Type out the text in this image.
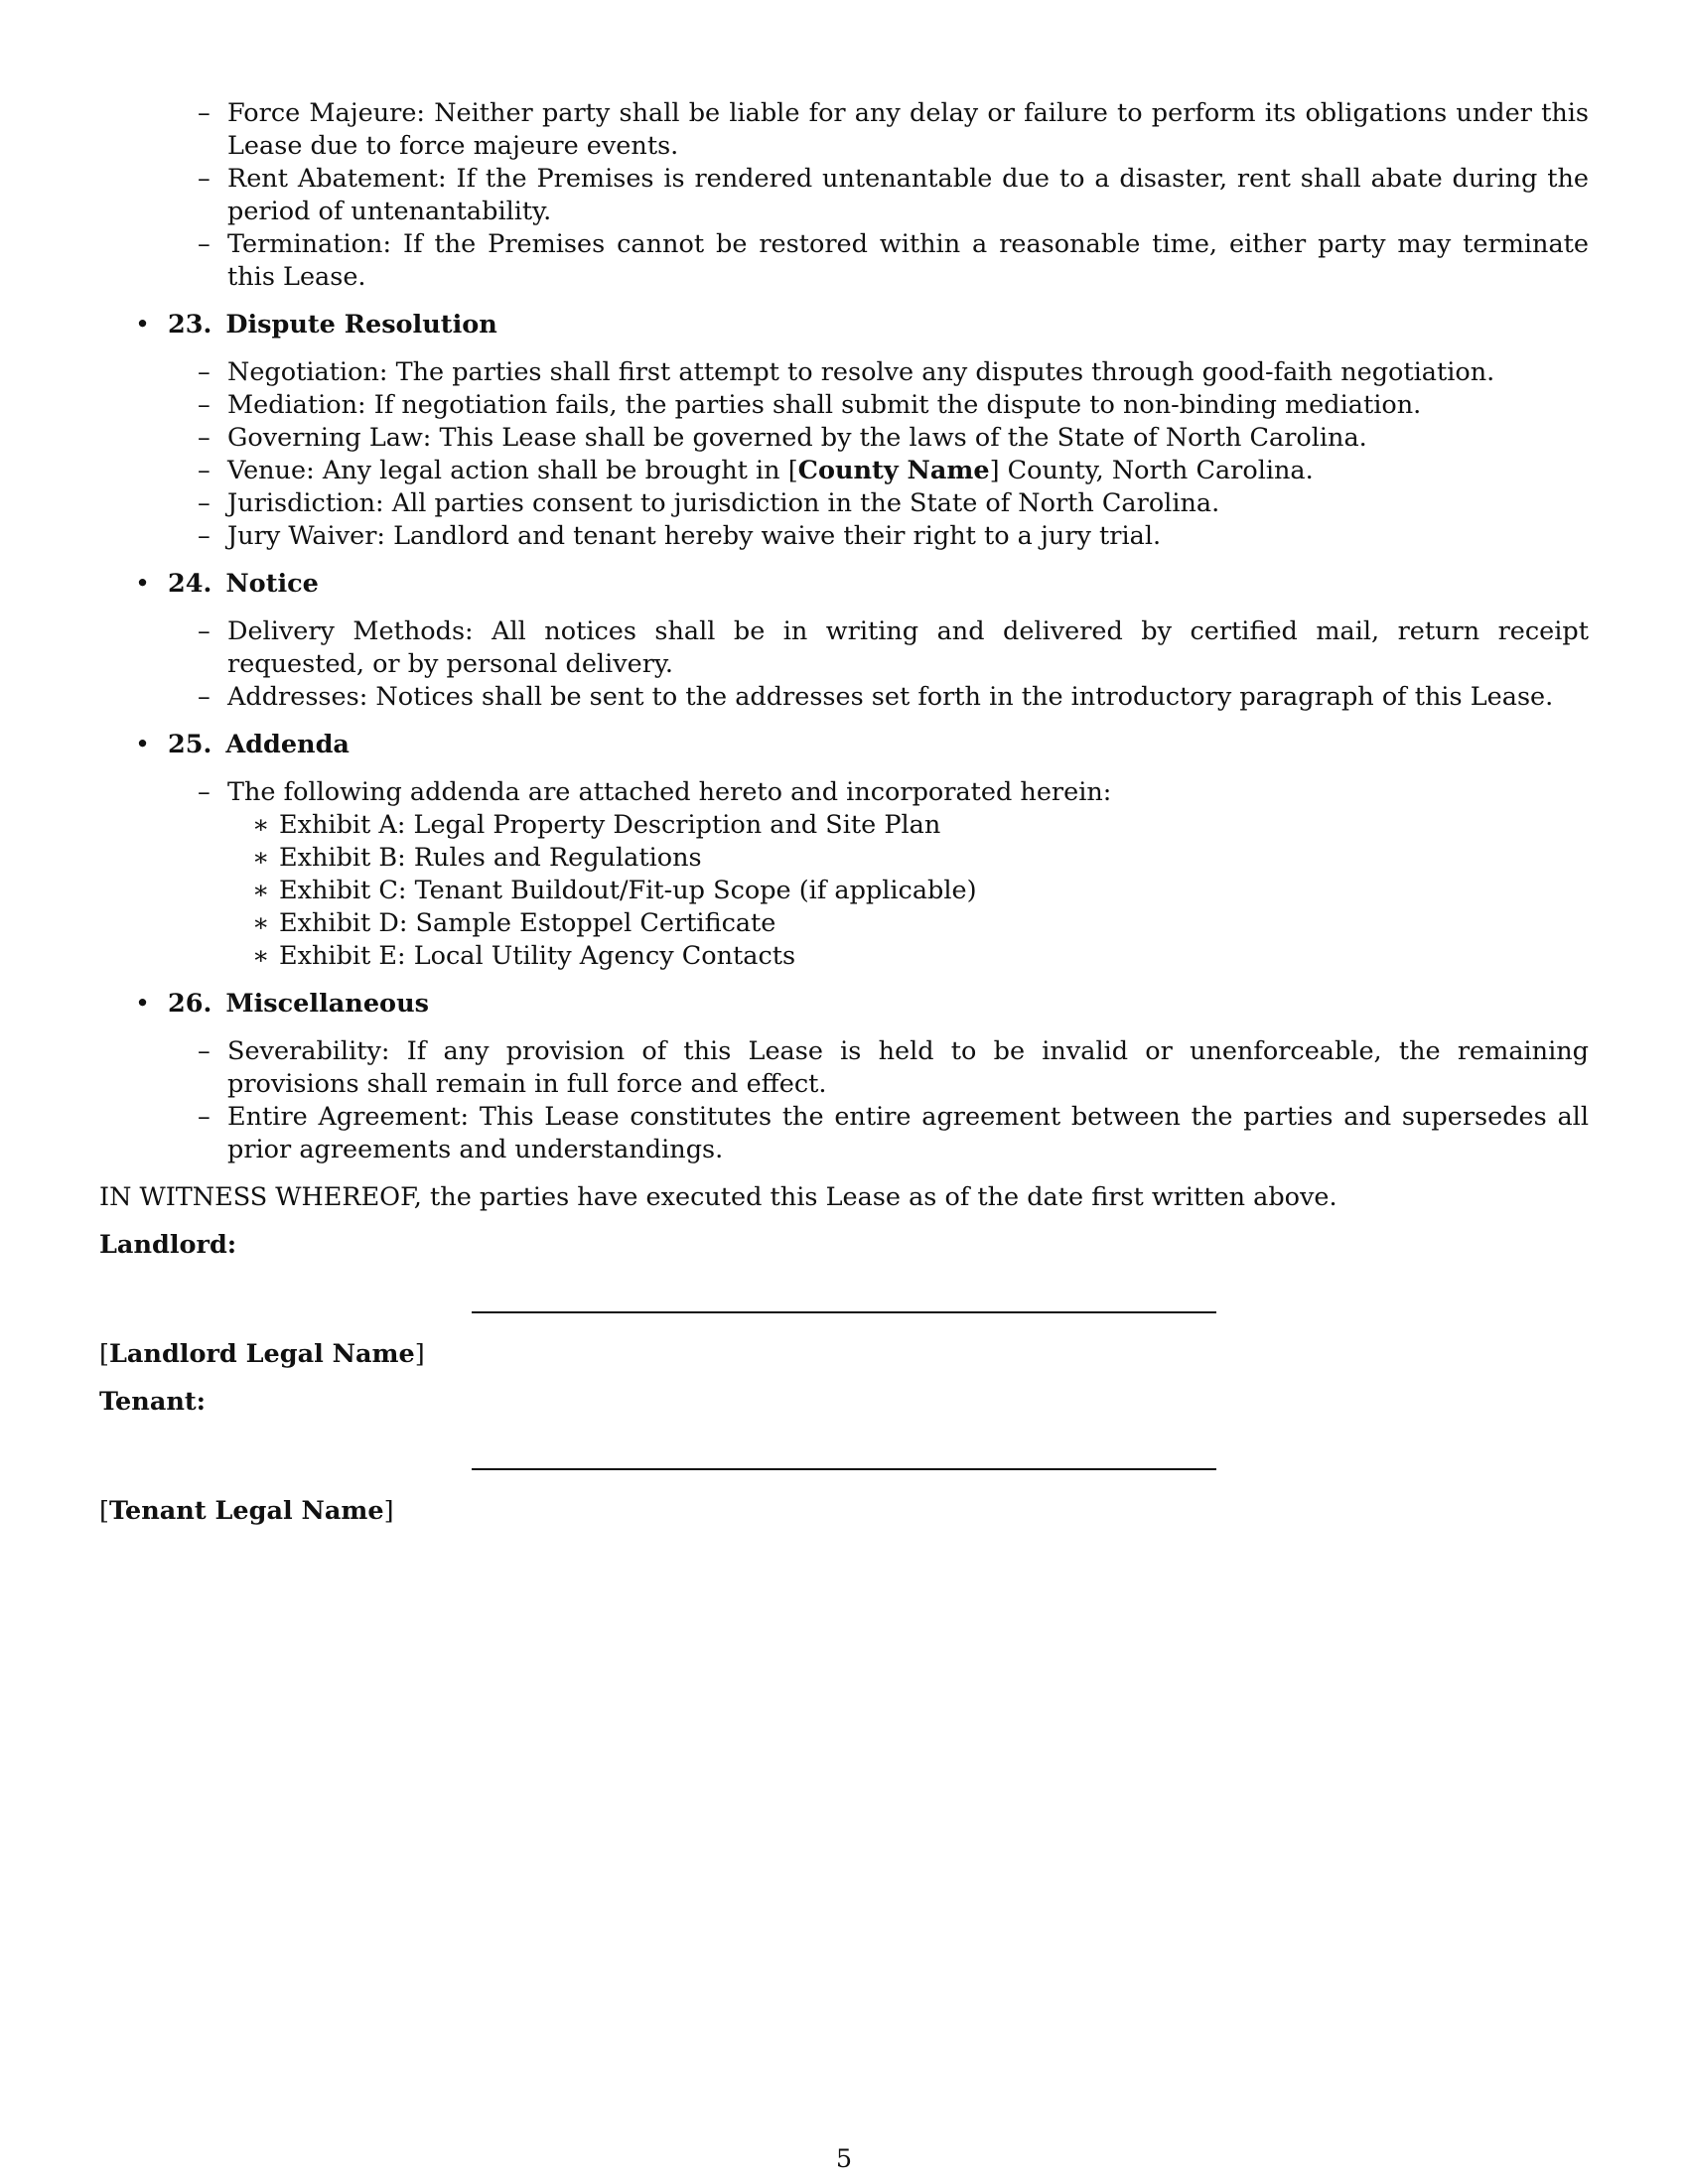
– Force Majeure: Neither party shall be liable for any delay or failure to perform its obligations under this Lease due to force majeure events.
– Rent Abatement: If the Premises is rendered untenantable due to a disaster, rent shall abate during the period of untenantability.
– Termination: If the Premises cannot be restored within a reasonable time, either party may terminate this Lease.
• 23. Dispute Resolution
– Negotiation: The parties shall first attempt to resolve any disputes through good-faith negotiation.
– Mediation: If negotiation fails, the parties shall submit the dispute to non-binding mediation.
– Governing Law: This Lease shall be governed by the laws of the State of North Carolina.
– Venue: Any legal action shall be brought in [County Name] County, North Carolina.
– Jurisdiction: All parties consent to jurisdiction in the State of North Carolina.
– Jury Waiver: Landlord and tenant hereby waive their right to a jury trial.
• 24. Notice
– Delivery Methods: All notices shall be in writing and delivered by certified mail, return receipt requested, or by personal delivery.
– Addresses: Notices shall be sent to the addresses set forth in the introductory paragraph of this Lease.
• 25. Addenda
– The following addenda are attached hereto and incorporated herein:
∗ Exhibit A: Legal Property Description and Site Plan
∗ Exhibit B: Rules and Regulations
∗ Exhibit C: Tenant Buildout/Fit-up Scope (if applicable)
∗ Exhibit D: Sample Estoppel Certificate
∗ Exhibit E: Local Utility Agency Contacts
• 26. Miscellaneous
– Severability: If any provision of this Lease is held to be invalid or unenforceable, the remaining provisions shall remain in full force and effect.
– Entire Agreement: This Lease constitutes the entire agreement between the parties and supersedes all prior agreements and understandings.
IN WITNESS WHEREOF, the parties have executed this Lease as of the date first written above.
Landlord:
[Landlord Legal Name]
Tenant:
[Tenant Legal Name]
5
